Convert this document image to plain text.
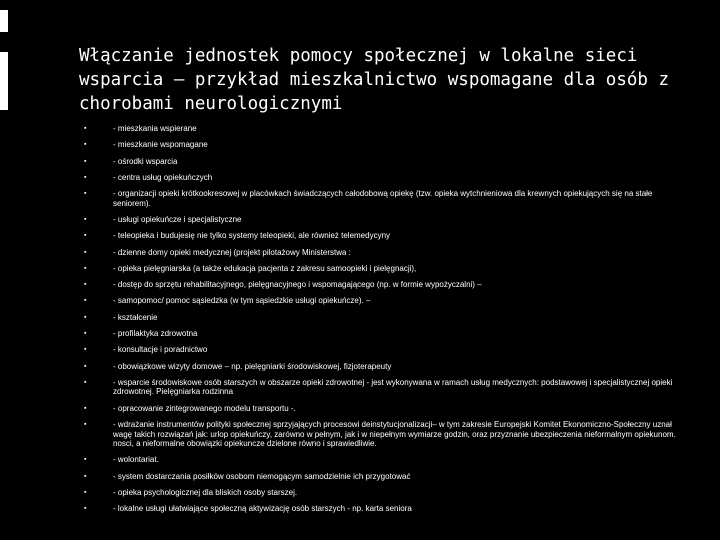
Włączanie jednostek pomocy społecznej w lokalne sieci wsparcia – przykład mieszkalnictwo wspomagane dla osób z chorobami neurologicznymi
▪	- mieszkania wspierane
▪	- mieszkanie wspomagane
▪	- ośrodki wsparcia
▪	- centra usług opiekuńczych
▪	- organizacji opieki krótkookresowej w placówkach świadczących całodobową opiekę (tzw. opieka wytchnieniowa dla krewnych opiekujących się na stałe seniorem).
▪	- usługi opiekuńcze i specjalistyczne
▪	- teleopieka i budujesię nie tylko systemy teleopieki, ale również telemedycyny
▪	- dzienne domy opieki medycznej (projekt pilotażowy Ministerstwa :
▪	- opieka pielęgniarska (a także edukacja pacjenta z zakresu samoopieki i pielęgnacji),
▪	- dostęp do sprzętu rehabilitacyjnego, pielęgnacyjnego i wspomagającego (np. w formie wypożyczalni) –
▪	- samopomoc/ pomoc sąsiedzka (w tym sąsiedzkie usługi opiekuńcze). –
▪	- kształcenie
▪	- profilaktyka zdrowotna
▪	- konsultacje i poradnictwo
▪	- obowiązkowe wizyty domowe – np. pielęgniarki środowiskowej, fizjoterapeuty
▪	- wsparcie środowiskowe osób starszych w obszarze opieki zdrowotnej - jest wykonywana w ramach usług medycznych: podstawowej i specjalistycznej opieki zdrowotnej. Pielęgniarka rodzinna
▪	- opracowanie zintegrowanego modelu transportu -.
▪	- wdrażanie instrumentów polityki społecznej sprzyjających procesowi deinstytucjonalizacji– w tym zakresie Europejski Komitet Ekonomiczno-Społeczny uznał wagę takich rozwiązań jak: urlop opiekuńczy, zarówno w pełnym, jak i w niepełnym wymiarze godzin, oraz przyznanie ubezpieczenia nieformalnym opiekunom. nosci, a nieformalne obowiązki opiekuncze dzielone równo i sprawiedliwie.
▪	- wolontariat.
▪	- system dostarczania posiłków osobom niemogącym samodzielnie ich przygotować
▪	- opieka psychologicznej dla bliskich osoby starszej.
▪	- lokalne usługi ułatwiające społeczną aktywizację osób starszych - np. karta seniora
